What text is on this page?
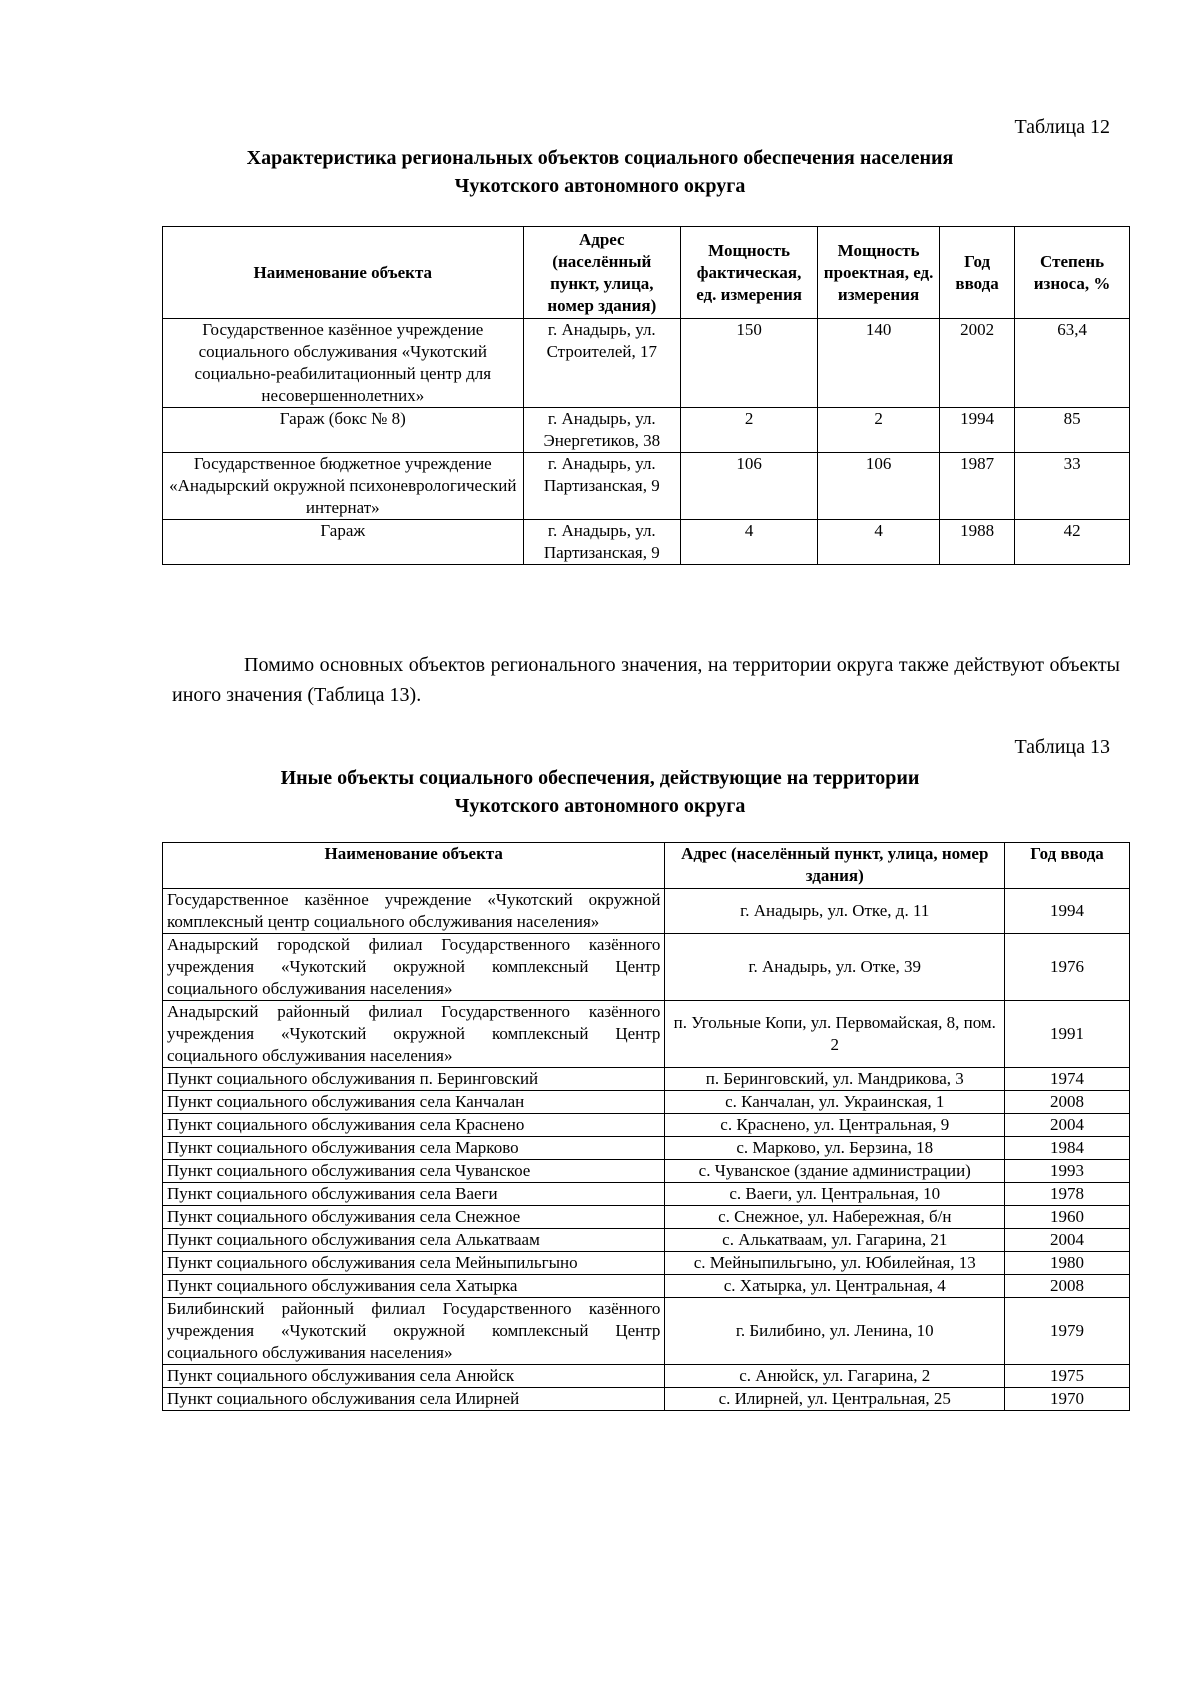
Таблица 12
Характеристика региональных объектов социального обеспечения населения
Чукотского автономного округа
Наименование объекта	Адрес (населённый пункт, улица, номер здания)	Мощность фактическая, ед. измерения	Мощность проектная, ед. измерения	Год ввода	Степень износа, %
Государственное казённое учреждение социального обслуживания «Чукотский социально-реабилитационный центр для несовершеннолетних»	г. Анадырь, ул. Строителей, 17	150	140	2002	63,4
Гараж (бокс № 8)	г. Анадырь, ул. Энергетиков, 38	2	2	1994	85
Государственное бюджетное учреждение «Анадырский окружной психоневрологический интернат»	г. Анадырь, ул. Партизанская, 9	106	106	1987	33
Гараж	г. Анадырь, ул. Партизанская, 9	4	4	1988	42
Помимо основных объектов регионального значения, на территории округа также действуют объекты иного значения (Таблица 13).
Таблица 13
Иные объекты социального обеспечения, действующие на территории
Чукотского автономного округа
Наименование объекта	Адрес (населённый пункт, улица, номер здания)	Год ввода
Государственное казённое учреждение «Чукотский окружной комплексный центр социального обслуживания населения»	г. Анадырь, ул. Отке, д. 11	1994
Анадырский городской филиал Государственного казённого учреждения «Чукотский окружной комплексный Центр социального обслуживания населения»	г. Анадырь, ул. Отке, 39	1976
Анадырский районный филиал Государственного казённого учреждения «Чукотский окружной комплексный Центр социального обслуживания населения»	п. Угольные Копи, ул. Первомайская, 8, пом. 2	1991
Пункт социального обслуживания п. Беринговский	п. Беринговский, ул. Мандрикова, 3	1974
Пункт социального обслуживания села Канчалан	с. Канчалан, ул. Украинская, 1	2008
Пункт социального обслуживания села Краснено	с. Краснено, ул. Центральная, 9	2004
Пункт социального обслуживания села Марково	с. Марково, ул. Берзина, 18	1984
Пункт социального обслуживания села Чуванское	с. Чуванское (здание администрации)	1993
Пункт социального обслуживания села Ваеги	с. Ваеги, ул. Центральная, 10	1978
Пункт социального обслуживания села Снежное	с. Снежное, ул. Набережная, б/н	1960
Пункт социального обслуживания села Алькатваам	с. Алькатваам, ул. Гагарина, 21	2004
Пункт социального обслуживания села Мейныпильгыно	с. Мейныпильгыно, ул. Юбилейная, 13	1980
Пункт социального обслуживания села Хатырка	с. Хатырка, ул. Центральная, 4	2008
Билибинский районный филиал Государственного казённого учреждения «Чукотский окружной комплексный Центр социального обслуживания населения»	г. Билибино, ул. Ленина, 10	1979
Пункт социального обслуживания села Анюйск	с. Анюйск, ул. Гагарина, 2	1975
Пункт социального обслуживания села Илирней	с. Илирней, ул. Центральная, 25	1970
